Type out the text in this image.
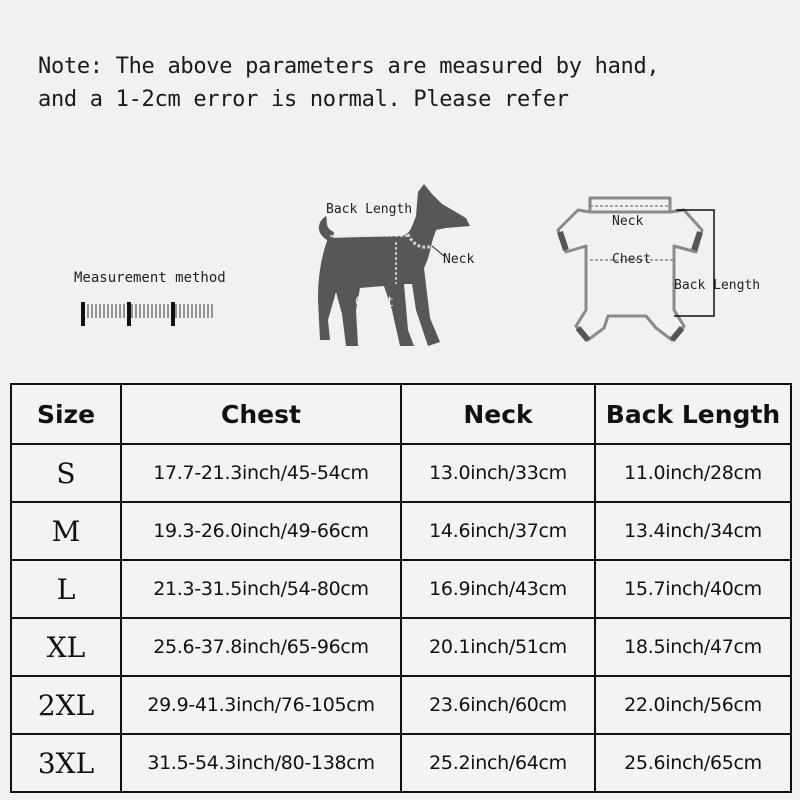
Note: The above parameters are measured by hand,
and a 1-2cm error is normal. Please refer
Measurement method
Back Length
Neck
Chest
Neck
Chest
Back Length
Size	Chest	Neck	Back Length
S	17.7-21.3inch/45-54cm	13.0inch/33cm	11.0inch/28cm
M	19.3-26.0inch/49-66cm	14.6inch/37cm	13.4inch/34cm
L	21.3-31.5inch/54-80cm	16.9inch/43cm	15.7inch/40cm
XL	25.6-37.8inch/65-96cm	20.1inch/51cm	18.5inch/47cm
2XL	29.9-41.3inch/76-105cm	23.6inch/60cm	22.0inch/56cm
3XL	31.5-54.3inch/80-138cm	25.2inch/64cm	25.6inch/65cm
